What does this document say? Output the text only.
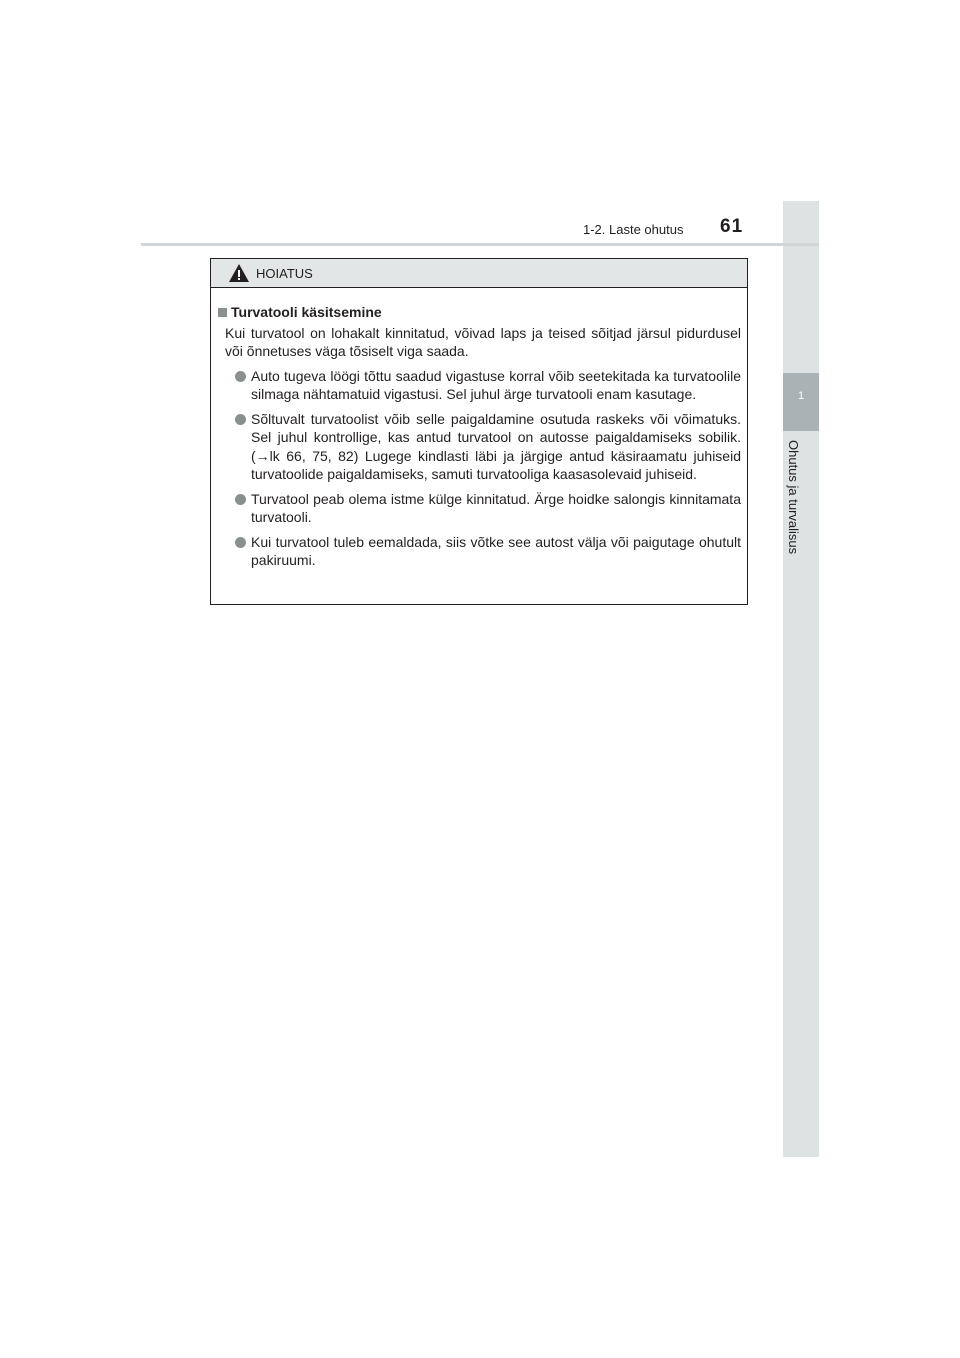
1
Ohutus ja turvalisus
1-2. Laste ohutus 61
HOIATUS
Turvatooli käsitsemine
Kui turvatool on lohakalt kinnitatud, võivad laps ja teised sõitjad järsul pidurdusel või õnnetuses väga tõsiselt viga saada.
Auto tugeva löögi tõttu saadud vigastuse korral võib seetekitada ka turvatoolile silmaga nähtamatuid vigastusi. Sel juhul ärge turvatooli enam kasutage.
Sõltuvalt turvatoolist võib selle paigaldamine osutuda raskeks või võimatuks. Sel juhul kontrollige, kas antud turvatool on autosse paigaldamiseks sobilik. (→lk 66, 75, 82) Lugege kindlasti läbi ja järgige antud käsiraamatu juhiseid turvatoolide paigaldamiseks, samuti turvatooliga kaasasolevaid juhiseid.
Turvatool peab olema istme külge kinnitatud. Ärge hoidke salongis kinnitamata turvatooli.
Kui turvatool tuleb eemaldada, siis võtke see autost välja või paigutage ohutult pakiruumi.
